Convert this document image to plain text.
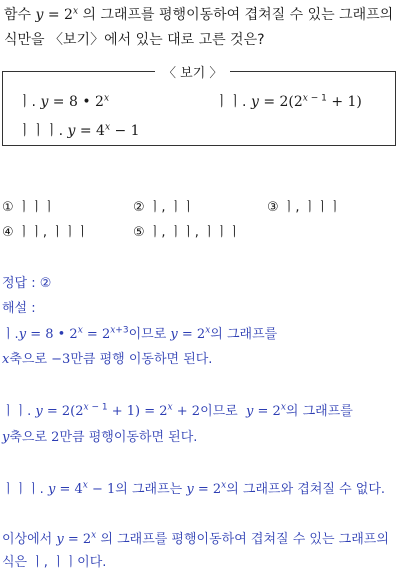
함수 $y = 2^x$ 의 그래프를 평행이동하여 겹쳐질 수 있는 그래프의
식만을 〈보기〉에서 있는 대로 고른 것은?
〈 보기 〉
ㅣ. y = 8 • 2$^x$	ㅣㅣ. $y = 2(2^{x - 1} + 1)$
ㅣㅣㅣ. $y = 4^x - 1$
① ㅣㅣㅣ	② ㅣ, ㅣㅣ	③ ㅣ, ㅣㅣㅣ
④ ㅣㅣ, ㅣㅣㅣ	⑤ ㅣ, ㅣㅣ, ㅣㅣㅣ
정답 : ②
해설 :
ㅣ.y = 8 • $2^x = 2^{x+3}$이므로 $y = 2^x$의 그래프를
x축으로 −3만큼 평행 이동하면 된다.
ㅣㅣ. $y = 2(2^{x - 1} + 1) = 2^x + 2$이므로 $y = 2^x$의 그래프를
y축으로 2만큼 평행이동하면 된다.
ㅣㅣㅣ. $y = 4^x - 1$의 그래프는 $y = 2^x$의 그래프와 겹쳐질 수 없다.
이상에서 $y = 2^x$ 의 그래프를 평행이동하여 겹쳐질 수 있는 그래프의
식은 ㅣ, ㅣㅣ이다.
